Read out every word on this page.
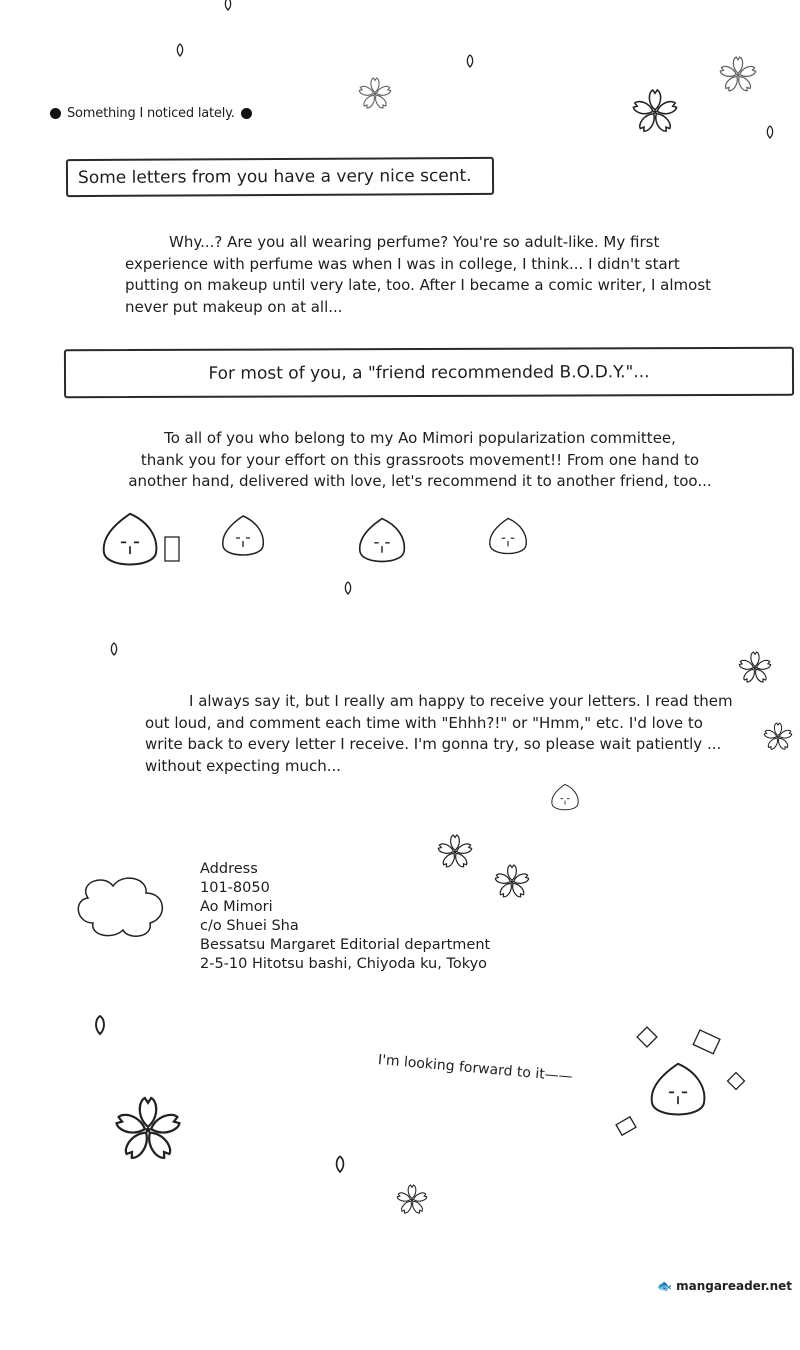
Something I noticed lately.
Some letters from you have a very nice scent.
Why...? Are you all wearing perfume? You're so adult-like. My first experience with perfume was when I was in college, I think... I didn't start putting on makeup until very late, too. After I became a comic writer, I almost never put makeup on at all...
For most of you, a "friend recommended B.O.D.Y."...
To all of you who belong to my Ao Mimori popularization committee,
thank you for your effort on this grassroots movement!! From one hand to
another hand, delivered with love, let's recommend it to another friend, too...
I always say it, but I really am happy to receive your letters. I read them out loud, and comment each time with "Ehhh?!" or "Hmm," etc. I'd love to write back to every letter I receive. I'm gonna try, so please wait patiently ... without expecting much...
Address
101-8050
Ao Mimori
c/o Shuei Sha
Bessatsu Margaret Editorial department
2-5-10 Hitotsu bashi, Chiyoda ku, Tokyo
I'm looking forward to it——
🐟 mangareader.net
